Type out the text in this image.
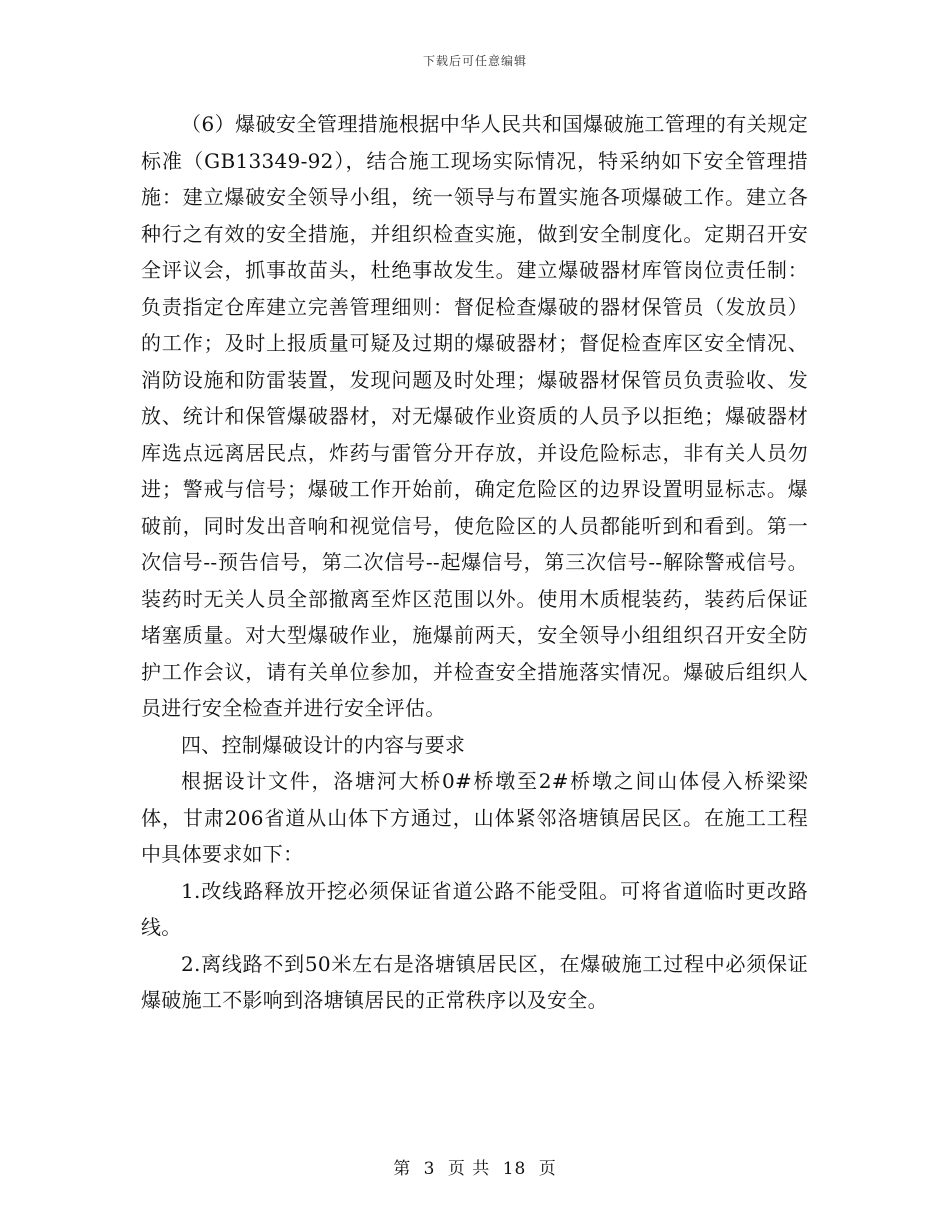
下载后可任意编辑

（6）爆破安全管理措施根据中华人民共和国爆破施工管理的有关规定标准（GB13349-92），结合施工现场实际情况，特采纳如下安全管理措施：建立爆破安全领导小组，统一领导与布置实施各项爆破工作。建立各种行之有效的安全措施，并组织检查实施，做到安全制度化。定期召开安全评议会，抓事故苗头，杜绝事故发生。建立爆破器材库管岗位责任制：负责指定仓库建立完善管理细则：督促检查爆破的器材保管员（发放员）的工作；及时上报质量可疑及过期的爆破器材；督促检查库区安全情况、消防设施和防雷装置，发现问题及时处理；爆破器材保管员负责验收、发放、统计和保管爆破器材，对无爆破作业资质的人员予以拒绝；爆破器材库选点远离居民点，炸药与雷管分开存放，并设危险标志，非有关人员勿进；警戒与信号；爆破工作开始前，确定危险区的边界设置明显标志。爆破前，同时发出音响和视觉信号，使危险区的人员都能听到和看到。第一次信号--预告信号，第二次信号--起爆信号，第三次信号--解除警戒信号。装药时无关人员全部撤离至炸区范围以外。使用木质棍装药，装药后保证堵塞质量。对大型爆破作业，施爆前两天，安全领导小组组织召开安全防护工作会议，请有关单位参加，并检查安全措施落实情况。爆破后组织人员进行安全检查并进行安全评估。

四、控制爆破设计的内容与要求

根据设计文件，洛塘河大桥0#桥墩至2#桥墩之间山体侵入桥梁梁体，甘肃206省道从山体下方通过，山体紧邻洛塘镇居民区。在施工工程中具体要求如下：

1.改线路释放开挖必须保证省道公路不能受阻。可将省道临时更改路线。

2.离线路不到50米左右是洛塘镇居民区，在爆破施工过程中必须保证爆破施工不影响到洛塘镇居民的正常秩序以及安全。

第 3 页 共 18 页
